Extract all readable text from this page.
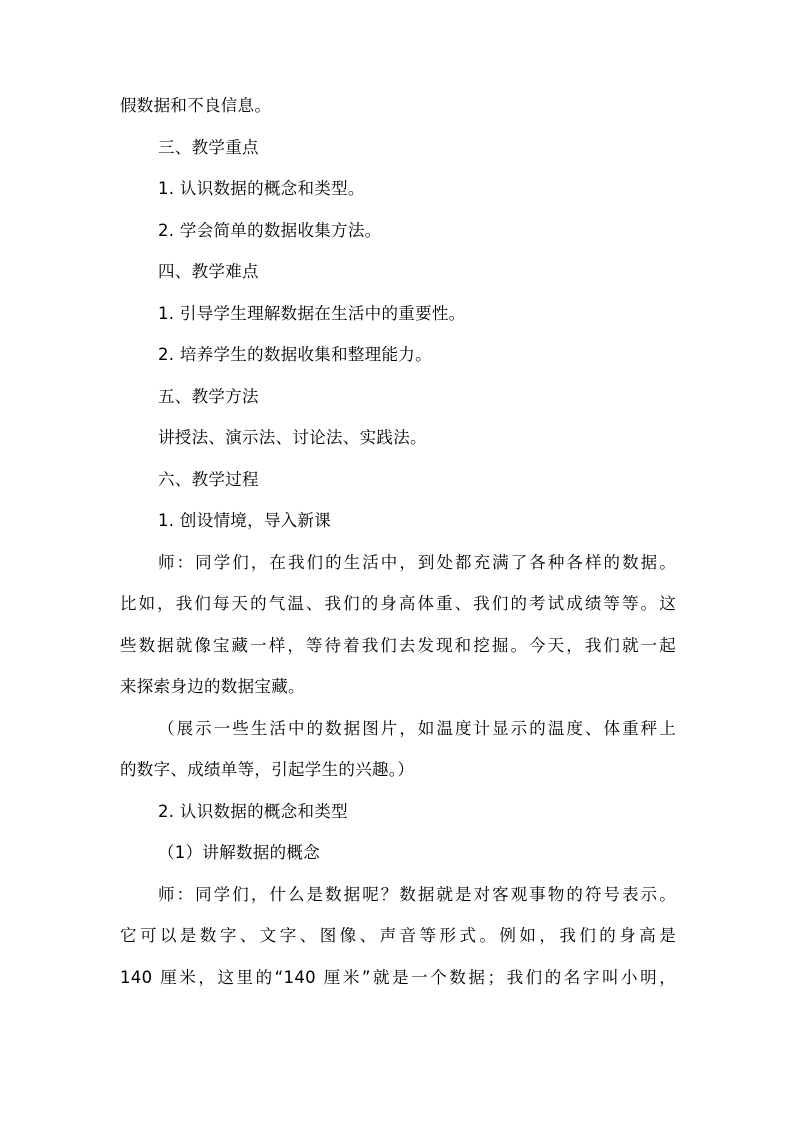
假数据和不良信息。

三、教学重点

1. 认识数据的概念和类型。

2. 学会简单的数据收集方法。

四、教学难点

1. 引导学生理解数据在生活中的重要性。

2. 培养学生的数据收集和整理能力。

五、教学方法

讲授法、演示法、讨论法、实践法。

六、教学过程

1. 创设情境，导入新课

师：同学们，在我们的生活中，到处都充满了各种各样的数据。

比如，我们每天的气温、我们的身高体重、我们的考试成绩等等。这

些数据就像宝藏一样，等待着我们去发现和挖掘。今天，我们就一起

来探索身边的数据宝藏。

（展示一些生活中的数据图片，如温度计显示的温度、体重秤上

的数字、成绩单等，引起学生的兴趣。）

2. 认识数据的概念和类型

（1）讲解数据的概念

师：同学们，什么是数据呢？数据就是对客观事物的符号表示。

它可以是数字、文字、图像、声音等形式。例如，我们的身高是

140 厘米，这里的“140 厘米”就是一个数据；我们的名字叫小明，
